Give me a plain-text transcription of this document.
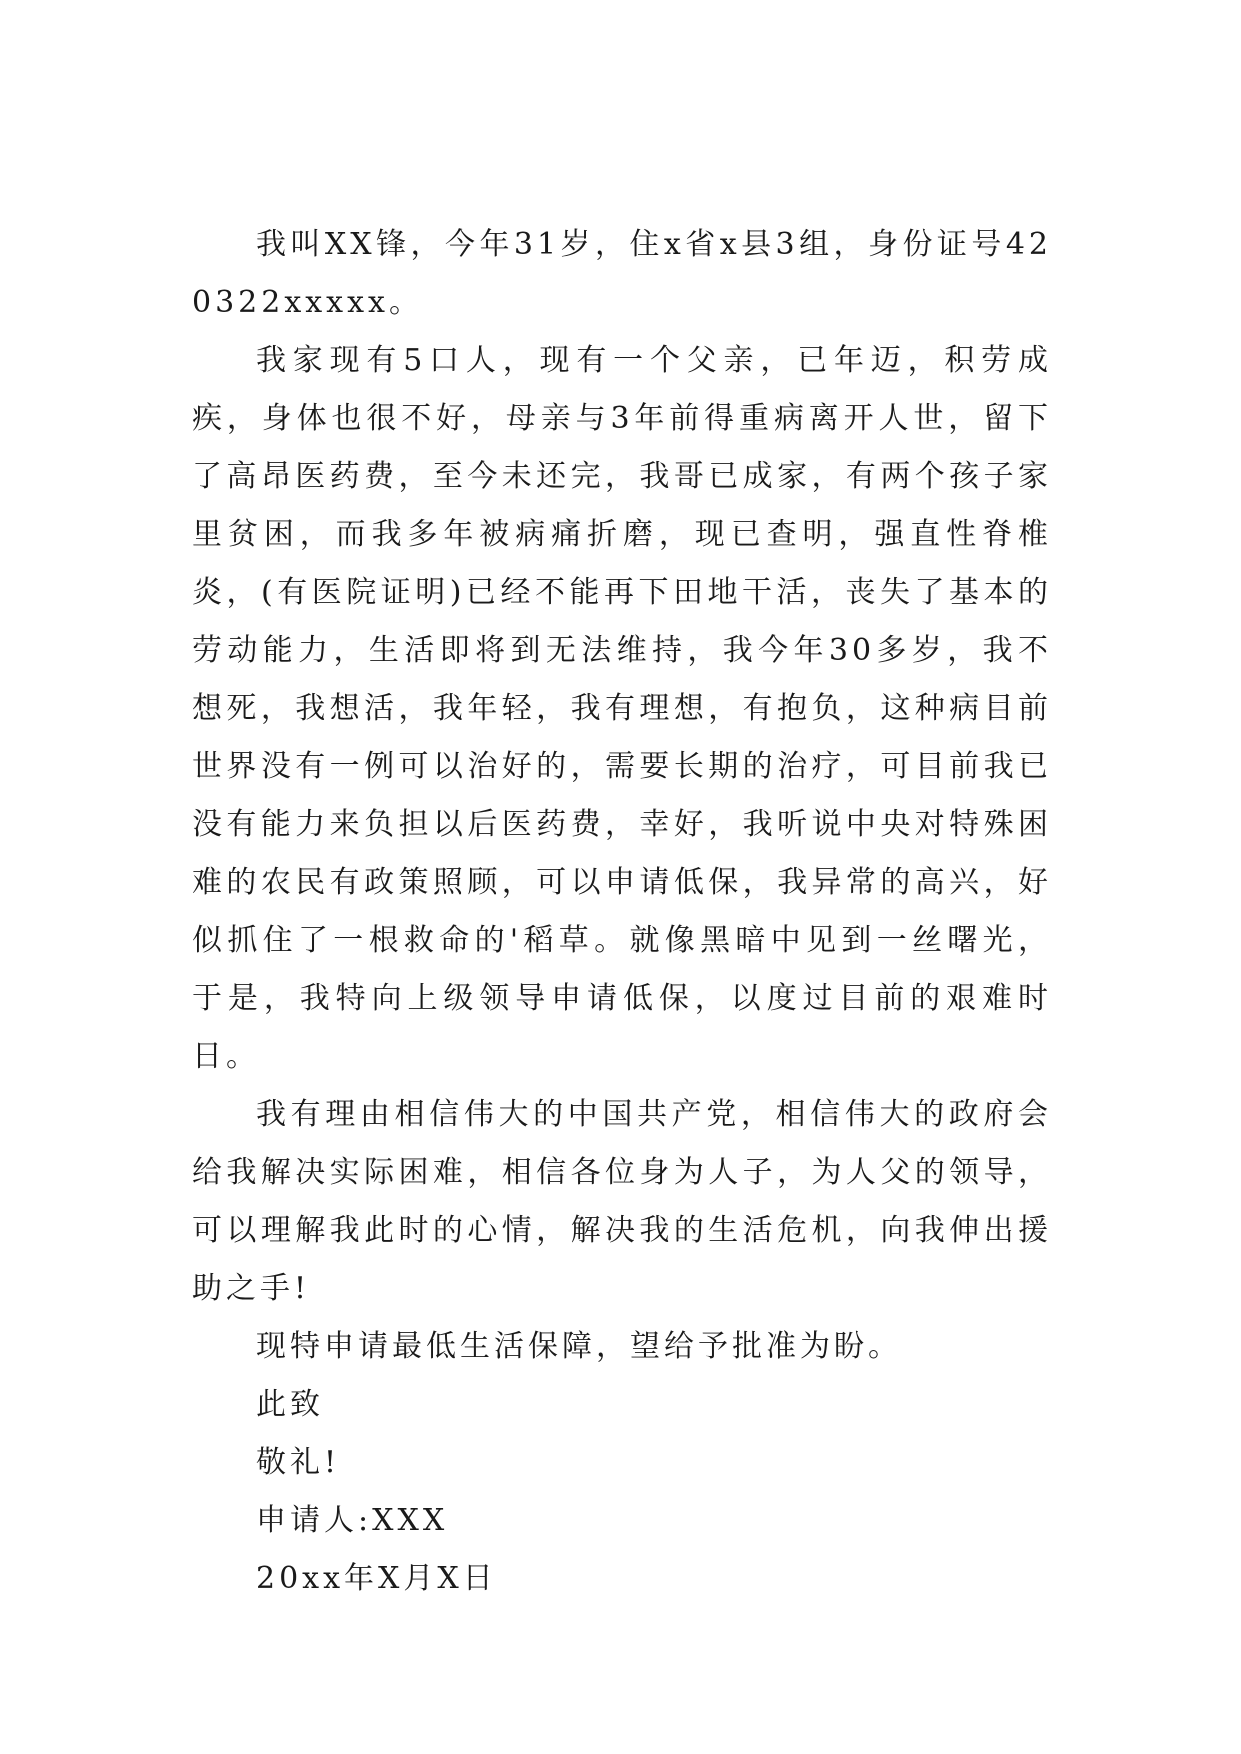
我叫XX锋，今年31岁，住x省x县3组，身份证号420322xxxxx。

我家现有5口人，现有一个父亲，已年迈，积劳成疾，身体也很不好，母亲与3年前得重病离开人世，留下了高昂医药费，至今未还完，我哥已成家，有两个孩子家里贫困，而我多年被病痛折磨，现已查明，强直性脊椎炎，(有医院证明)已经不能再下田地干活，丧失了基本的劳动能力，生活即将到无法维持，我今年30多岁，我不想死，我想活，我年轻，我有理想，有抱负，这种病目前世界没有一例可以治好的，需要长期的治疗，可目前我已没有能力来负担以后医药费，幸好，我听说中央对特殊困难的农民有政策照顾，可以申请低保，我异常的高兴，好似抓住了一根救命的'稻草。就像黑暗中见到一丝曙光，于是，我特向上级领导申请低保，以度过目前的艰难时日。

我有理由相信伟大的中国共产党，相信伟大的政府会给我解决实际困难，相信各位身为人子，为人父的领导，可以理解我此时的心情，解决我的生活危机，向我伸出援助之手!

现特申请最低生活保障，望给予批准为盼。

此致

敬礼!

申请人:XXX

20xx年X月X日
